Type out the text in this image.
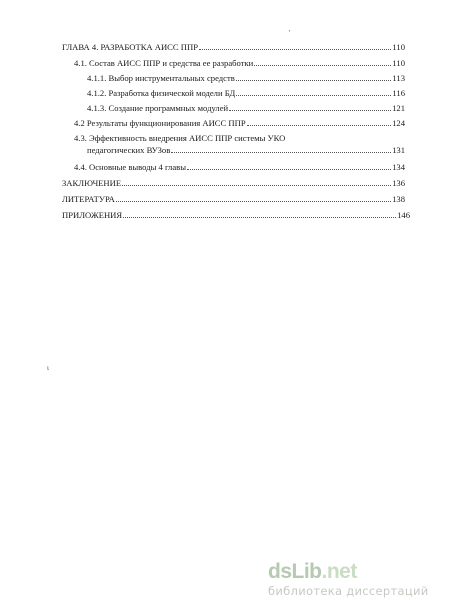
'
ι
ГЛАВА 4. РАЗРАБОТКА АИСС ППР	110
4.1. Состав АИСС ППР и средства ее разработки	110
4.1.1. Выбор инструментальных средств	113
4.1.2. Разработка физической модели БД	116
4.1.3. Создание программных модулей	121
4.2 Результаты функционирования АИСС ППР	124
4.3. Эффективность внедрения АИСС ППР системы УКО
педагогических ВУЗов	131
4.4. Основные выводы 4 главы	134
ЗАКЛЮЧЕНИЕ	136
ЛИТЕРАТУРА	138
ПРИЛОЖЕНИЯ	146
dsLib .net
библиотека диссертаций
